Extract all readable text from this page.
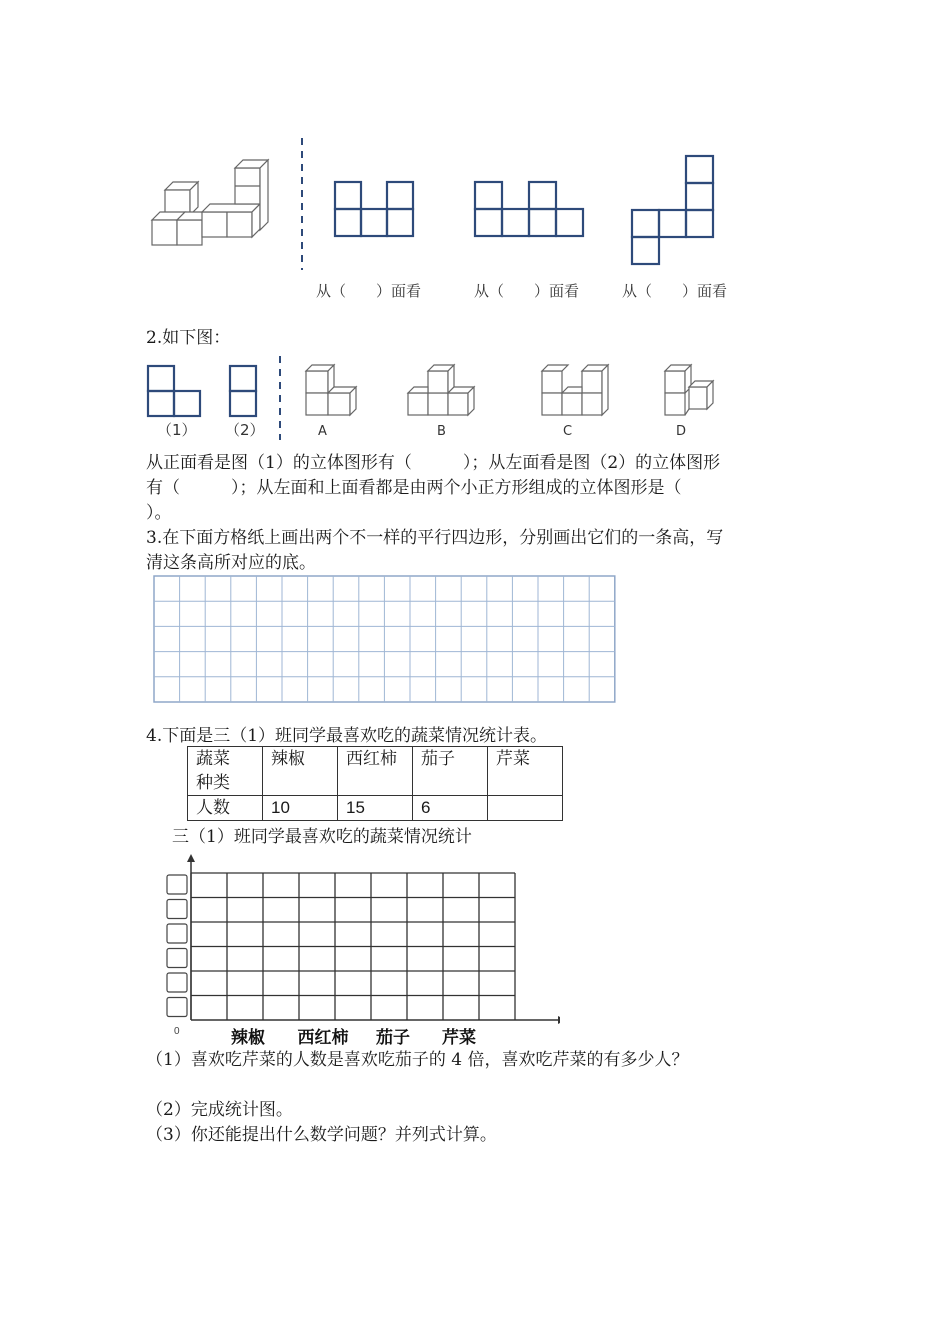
从（　　）面看	从（　　）面看	从（　　）面看
2.如下图：
（1） （2）	A	B	C	D
从正面看是图（1）的立体图形有（　　　）；从左面看是图（2）的立体图形
有（　　　）；从左面和上面看都是由两个小正方形组成的立体图形是（
）。
3.在下面方格纸上画出两个不一样的平行四边形，分别画出它们的一条高，写
清这条高所对应的底。
4.下面是三（1）班同学最喜欢吃的蔬菜情况统计表。
蔬菜
种类	辣椒	西红柿	茄子	芹菜
人数	10	15	6	
三（1）班同学最喜欢吃的蔬菜情况统计
0	辣椒 西红柿 茄子 芹菜
（1）喜欢吃芹菜的人数是喜欢吃茄子的 4 倍，喜欢吃芹菜的有多少人？
（2）完成统计图。
（3）你还能提出什么数学问题？并列式计算。
